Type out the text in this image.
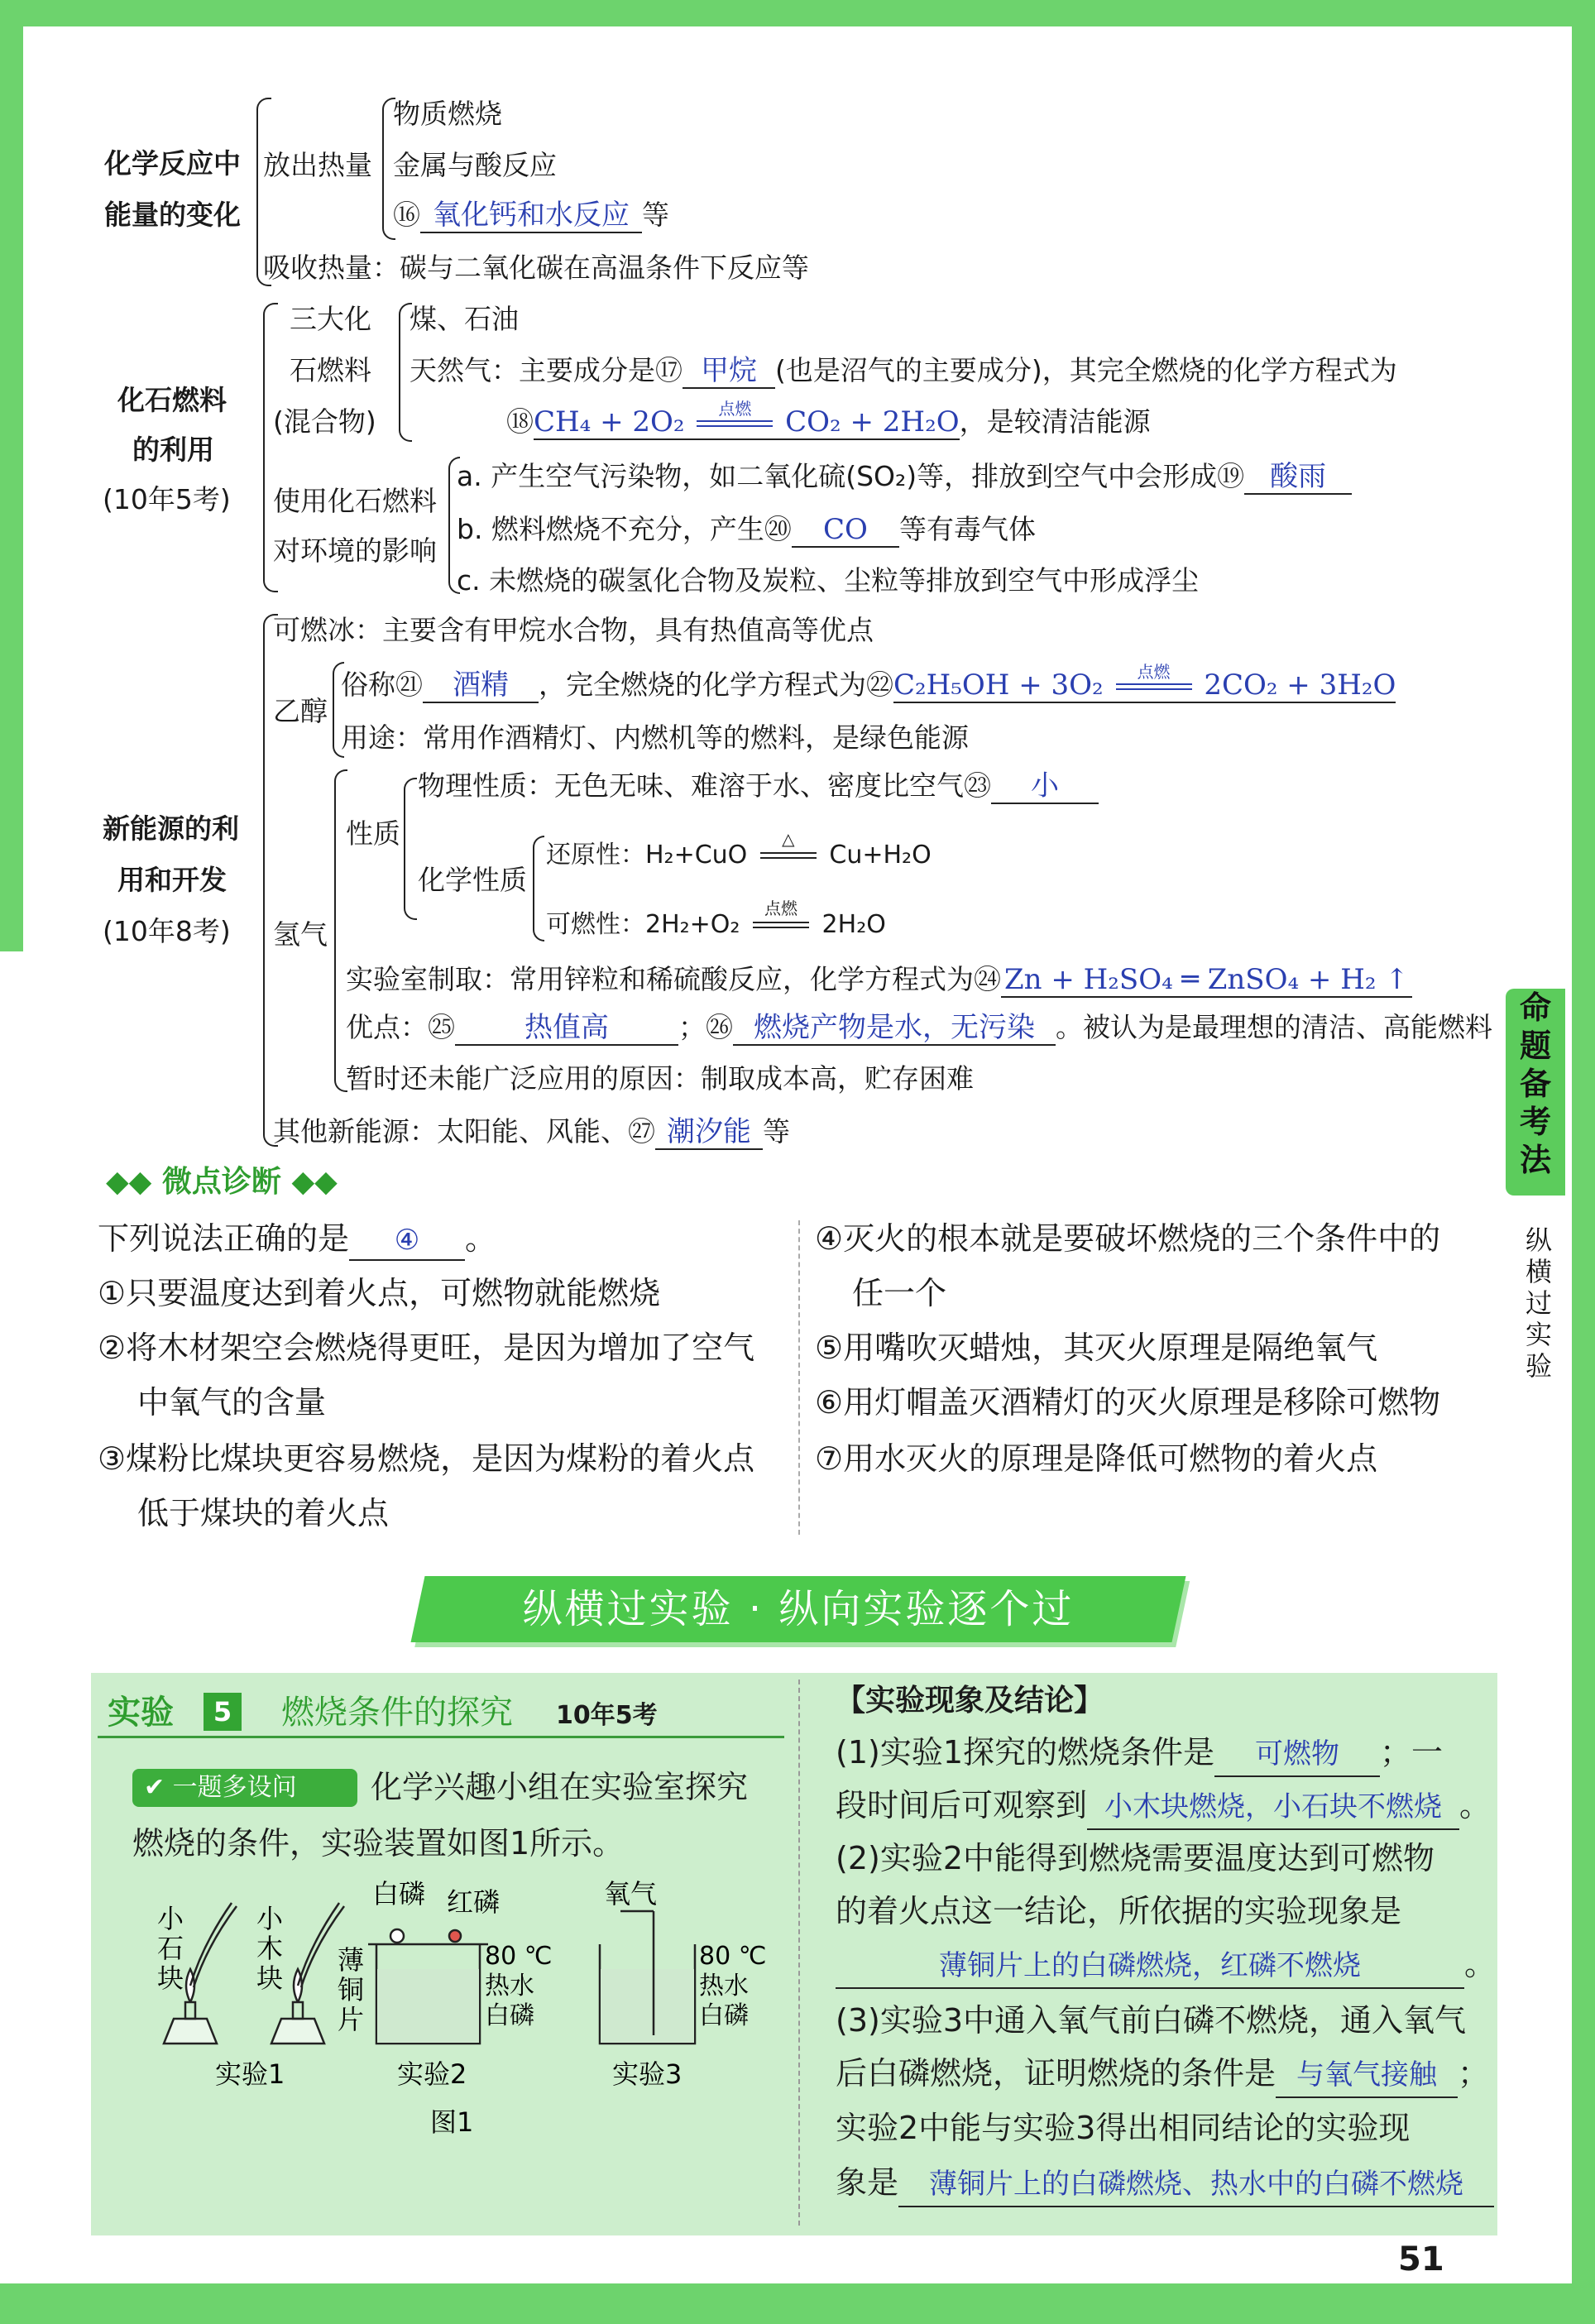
化学反应中
能量的变化
放出热量
物质燃烧
金属与酸反应
⑯ 氧化钙和水反应 等
吸收热量：碳与二氧化碳在高温条件下反应等
化石燃料
的利用
(10年5考)
三大化
石燃料
(混合物)
煤、石油
天然气：主要成分是⑰ 甲烷 (也是沼气的主要成分)，其完全燃烧的化学方程式为
⑱CH₄ + 2O₂	点燃	CO₂ + 2H₂O，是较清洁能源
使用化石燃料
对环境的影响
a. 产生空气污染物，如二氧化硫(SO₂)等，排放到空气中会形成⑲ 酸雨
b. 燃料燃烧不充分，产生⑳ CO 等有毒气体
c. 未燃烧的碳氢化合物及炭粒、尘粒等排放到空气中形成浮尘
新能源的利
用和开发
(10年8考)
可燃冰：主要含有甲烷水合物，具有热值高等优点
乙醇
俗称㉑ 酒精 ，完全燃烧的化学方程式为㉒C₂H₅OH + 3O₂	点燃	2CO₂ + 3H₂O
用途：常用作酒精灯、内燃机等的燃料，是绿色能源
氢气
性质
物理性质：无色无味、难溶于水、密度比空气㉓ 小
化学性质
还原性：H₂+CuO
△
Cu+H₂O
可燃性：2H₂+O₂
点燃
2H₂O
实验室制取：常用锌粒和稀硫酸反应，化学方程式为㉔ Zn + H₂SO₄ ═ ZnSO₄ + H₂ ↑
优点：㉕ 热值高	；㉖ 燃烧产物是水，无污染 。被认为是最理想的清洁、高能燃料
暂时还未能广泛应用的原因：制取成本高，贮存困难
其他新能源：太阳能、风能、㉗ 潮汐能 等
◆◆ 微点诊断 ◆◆
下列说法正确的是 ④ 。
①只要温度达到着火点，可燃物就能燃烧
②将木材架空会燃烧得更旺，是因为增加了空气
中氧气的含量
③煤粉比煤块更容易燃烧，是因为煤粉的着火点
低于煤块的着火点
④灭火的根本就是要破坏燃烧的三个条件中的
任一个
⑤用嘴吹灭蜡烛，其灭火原理是隔绝氧气
⑥用灯帽盖灭酒精灯的灭火原理是移除可燃物
⑦用水灭火的原理是降低可燃物的着火点
命
题
备
考
法
纵
横
过
实
验
纵横过实验 · 纵向实验逐个过
实验	5 燃烧条件的探究 10年5考
✔ 一题多设问	化学兴趣小组在实验室探究
燃烧的条件，实验装置如图1所示。
小
石
块
小
木
块
实验1
白磷 红磷
薄
铜
片
80 ℃
热水
白磷
实验2
氧气
80 ℃
热水
白磷
实验3
图1
【实验现象及结论】
(1)实验1探究的燃烧条件是 可燃物 ；一
段时间后可观察到 小木块燃烧，小石块不燃烧 。
(2)实验2中能得到燃烧需要温度达到可燃物
的着火点这一结论，所依据的实验现象是
薄铜片上的白磷燃烧，红磷不燃烧	。
(3)实验3中通入氧气前白磷不燃烧，通入氧气
后白磷燃烧，证明燃烧的条件是 与氧气接触 ；
实验2中能与实验3得出相同结论的实验现
象是 薄铜片上的白磷燃烧、热水中的白磷不燃烧
51
